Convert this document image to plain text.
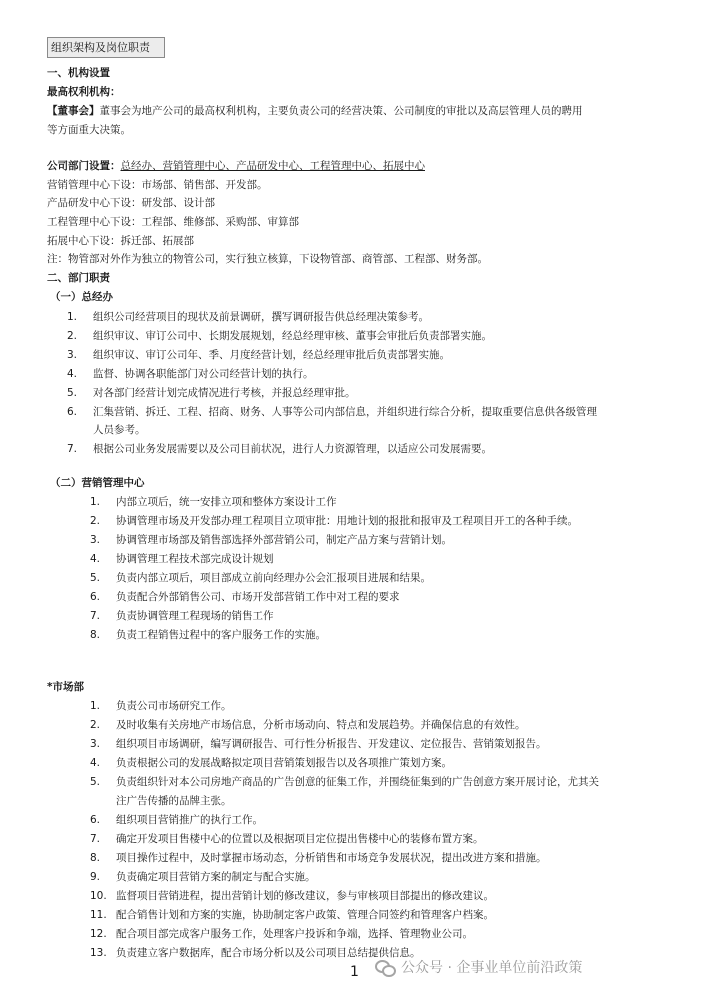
组织架构及岗位职责
一、机构设置
最高权利机构：
【董事会】董事会为地产公司的最高权利机构，主要负责公司的经营决策、公司制度的审批以及高层管理人员的聘用
等方面重大决策。
公司部门设置：总经办、营销管理中心、产品研发中心、工程管理中心、拓展中心
营销管理中心下设：市场部、销售部、开发部。
产品研发中心下设：研发部、设计部
工程管理中心下设：工程部、维修部、采购部、审算部
拓展中心下设：拆迁部、拓展部
注：物管部对外作为独立的物管公司，实行独立核算，下设物管部、商管部、工程部、财务部。
二、部门职责
（一）总经办
1. 组织公司经营项目的现状及前景调研，撰写调研报告供总经理决策参考。
2. 组织审议、审订公司中、长期发展规划，经总经理审核、董事会审批后负责部署实施。
3. 组织审议、审订公司年、季、月度经营计划，经总经理审批后负责部署实施。
4. 监督、协调各职能部门对公司经营计划的执行。
5. 对各部门经营计划完成情况进行考核，并报总经理审批。
6. 汇集营销、拆迁、工程、招商、财务、人事等公司内部信息，并组织进行综合分析，提取重要信息供各级管理
人员参考。
7. 根据公司业务发展需要以及公司目前状况，进行人力资源管理，以适应公司发展需要。
（二）营销管理中心
1. 内部立项后，统一安排立项和整体方案设计工作
2. 协调管理市场及开发部办理工程项目立项审批：用地计划的报批和报审及工程项目开工的各种手续。
3. 协调管理市场部及销售部选择外部营销公司，制定产品方案与营销计划。
4. 协调管理工程技术部完成设计规划
5. 负责内部立项后，项目部成立前向经理办公会汇报项目进展和结果。
6. 负责配合外部销售公司、市场开发部营销工作中对工程的要求
7. 负责协调管理工程现场的销售工作
8. 负责工程销售过程中的客户服务工作的实施。
*市场部
1. 负责公司市场研究工作。
2. 及时收集有关房地产市场信息，分析市场动向、特点和发展趋势。并确保信息的有效性。
3. 组织项目市场调研，编写调研报告、可行性分析报告、开发建议、定位报告、营销策划报告。
4. 负责根据公司的发展战略拟定项目营销策划报告以及各项推广策划方案。
5. 负责组织针对本公司房地产商品的广告创意的征集工作，并围绕征集到的广告创意方案开展讨论，尤其关
注广告传播的品牌主张。
6. 组织项目营销推广的执行工作。
7. 确定开发项目售楼中心的位置以及根据项目定位提出售楼中心的装修布置方案。
8. 项目操作过程中，及时掌握市场动态，分析销售和市场竞争发展状况，提出改进方案和措施。
9. 负责确定项目营销方案的制定与配合实施。
10. 监督项目营销进程，提出营销计划的修改建议，参与审核项目部提出的修改建议。
11. 配合销售计划和方案的实施，协助制定客户政策、管理合同签约和管理客户档案。
12. 配合项目部完成客户服务工作，处理客户投诉和争端，选择、管理物业公司。
13. 负责建立客户数据库，配合市场分析以及公司项目总结提供信息。
1	公众号 · 企事业单位前沿政策
